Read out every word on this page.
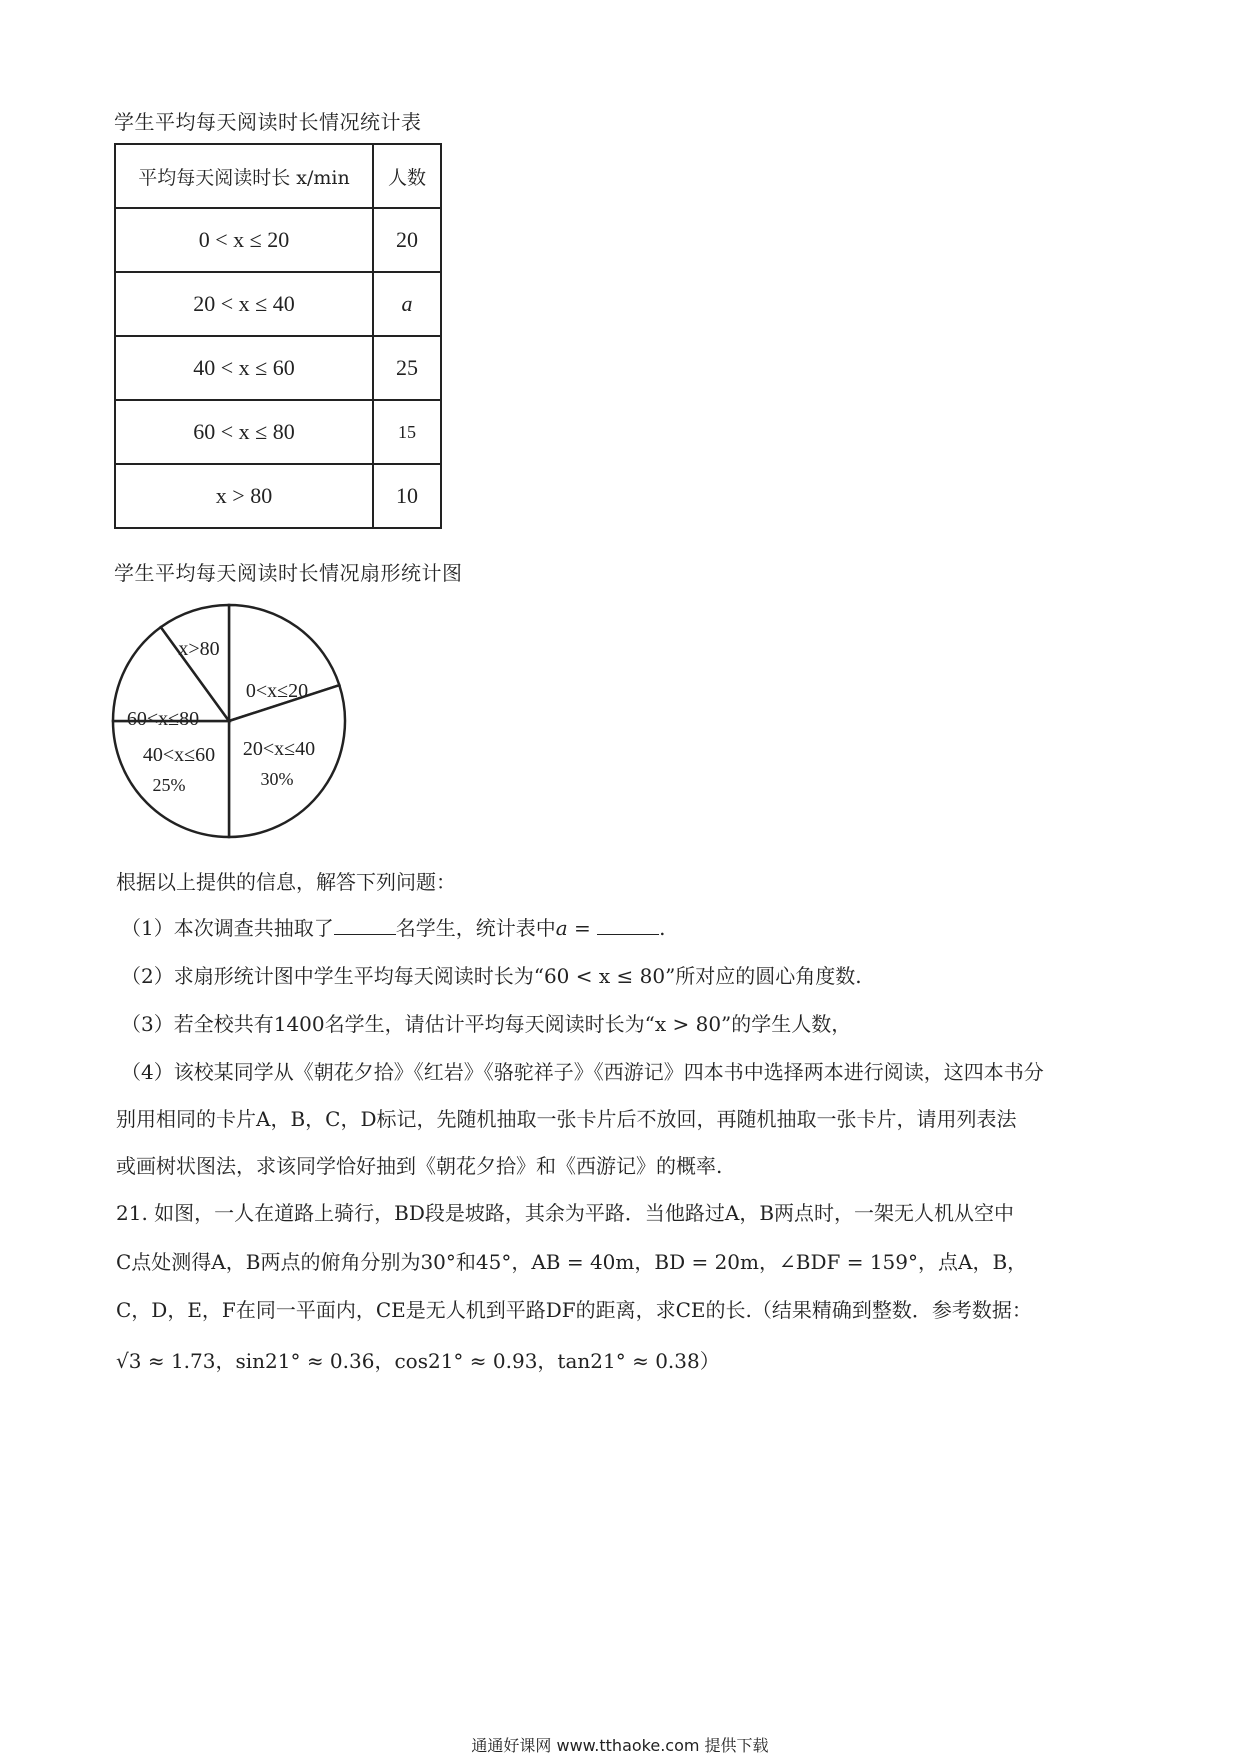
学生平均每天阅读时长情况统计表
平均每天阅读时长 x/min	人数
0 < x ≤ 20	20
20 < x ≤ 40	a
40 < x ≤ 60	25
60 < x ≤ 80	15
x > 80	10
学生平均每天阅读时长情况扇形统计图
0<x≤20
20<x≤40
30%
40<x≤60
25%
60<x≤80
x>80
根据以上提供的信息，解答下列问题：
（1）本次调查共抽取了	名学生，统计表中a =	.
（2）求扇形统计图中学生平均每天阅读时长为“60 < x ≤ 80”所对应的圆心角度数.
（3）若全校共有1400名学生，请估计平均每天阅读时长为“x > 80”的学生人数，
（4）该校某同学从《朝花夕拾》《红岩》《骆驼祥子》《西游记》四本书中选择两本进行阅读，这四本书分
别用相同的卡片A，B，C，D标记，先随机抽取一张卡片后不放回，再随机抽取一张卡片，请用列表法
或画树状图法，求该同学恰好抽到《朝花夕拾》和《西游记》的概率.
21. 如图，一人在道路上骑行，BD段是坡路，其余为平路．当他路过A，B两点时，一架无人机从空中
C点处测得A，B两点的俯角分别为30°和45°，AB = 40m，BD = 20m，∠BDF = 159°，点A，B，
C，D，E，F在同一平面内，CE是无人机到平路DF的距离，求CE的长.（结果精确到整数．参考数据：
√3 ≈ 1.73，sin21° ≈ 0.36，cos21° ≈ 0.93，tan21° ≈ 0.38）
通通好课网 www.tthaoke.com 提供下载
